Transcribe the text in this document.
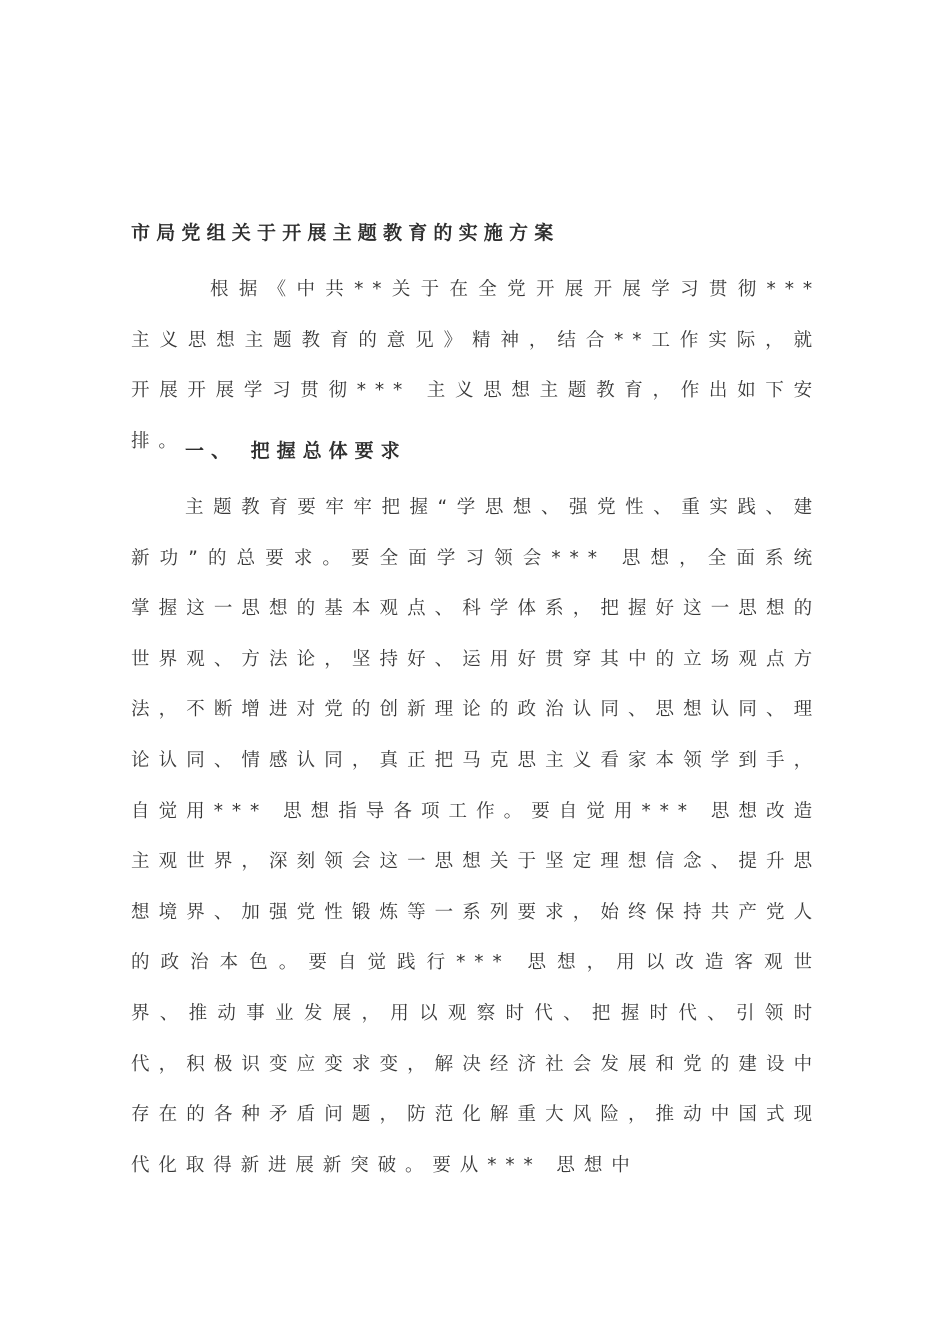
市局党组关于开展主题教育的实施方案

根据《中共**关于在全党开展开展学习贯彻*** 主义思想主题教育的意见》精神，结合**工作实际，就开展开展学习贯彻*** 主义思想主题教育，作出如下安排。 一、 把握总体要求

主题教育要牢牢把握“学思想、强党性、重实践、建新功”的总要求。要全面学习领会*** 思想，全面系统掌握这一思想的基本观点、科学体系，把握好这一思想的世界观、方法论，坚持好、运用好贯穿其中的立场观点方法，不断增进对党的创新理论的政治认同、思想认同、理论认同、情感认同，真正把马克思主义看家本领学到手，自觉用*** 思想指导各项工作。要自觉用*** 思想改造主观世界，深刻领会这一思想关于坚定理想信念、提升思想境界、加强党性锻炼等一系列要求，始终保持共产党人的政治本色。要自觉践行*** 思想，用以改造客观世界、推动事业发展，用以观察时代、把握时代、引领时代，积极识变应变求变，解决经济社会发展和党的建设中存在的各种矛盾问题，防范化解重大风险，推动中国式现代化取得新进展新突破。要从*** 思想中
